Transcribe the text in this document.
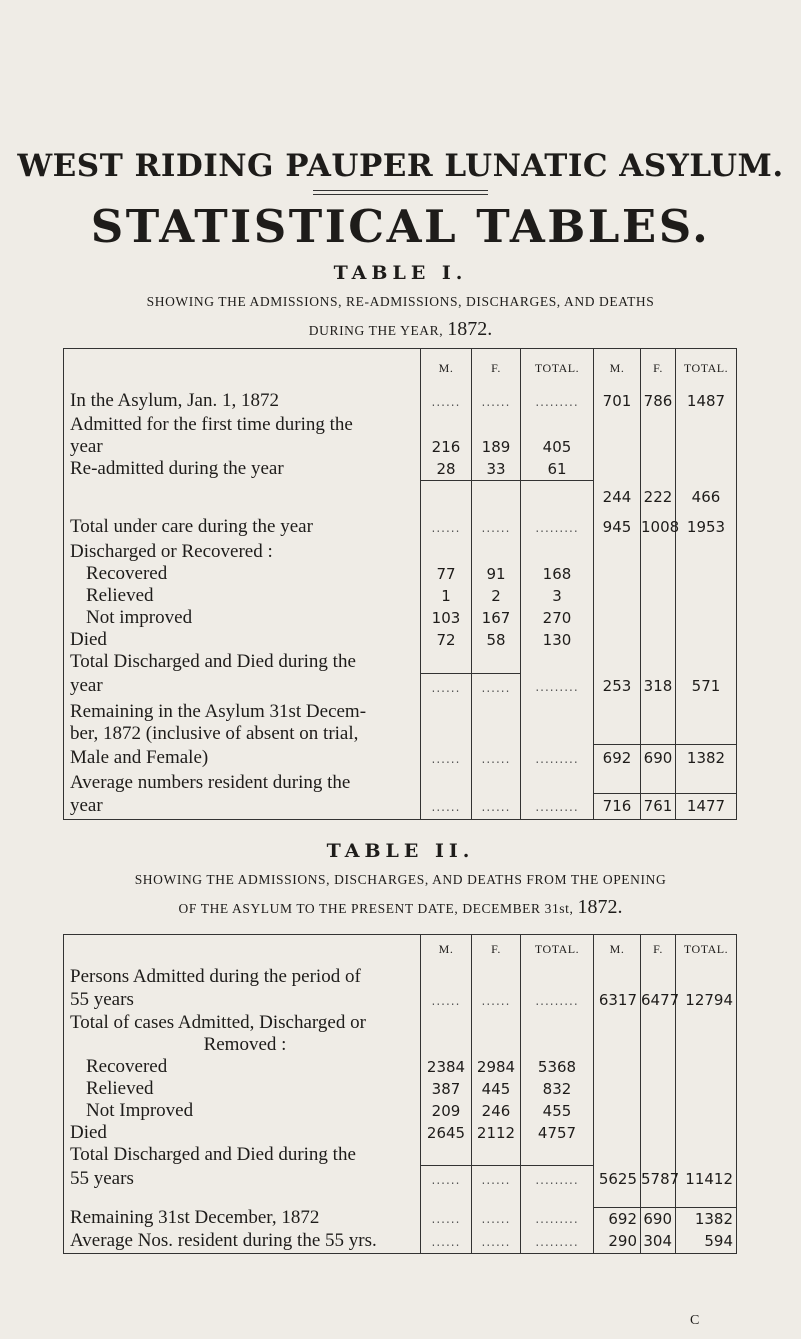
WEST RIDING PAUPER LUNATIC ASYLUM.
STATISTICAL TABLES.
TABLE I.
SHOWING THE ADMISSIONS, RE-ADMISSIONS, DISCHARGES, AND DEATHS
DURING THE YEAR, 1872.
	M.	F.	TOTAL.	M.	F.	TOTAL.
In the Asylum, Jan. 1, 1872	......	......	.........	701	786	1487
Admitted for the first time during the						
year	216	189	405			
Re-admitted during the year	28	33	61			
				244	222	466
Total under care during the year	......	......	.........	945	1008	1953
Discharged or Recovered :						
Recovered	77	91	168			
Relieved	1	2	3			
Not improved	103	167	270			
Died	72	58	130			
Total Discharged and Died during the						
year	......	......	.........	253	318	571
Remaining in the Asylum 31st Decem-						
ber, 1872 (inclusive of absent on trial,						
Male and Female)	......	......	.........	692	690	1382
Average numbers resident during the						
year	......	......	.........	716	761	1477
TABLE II.
SHOWING THE ADMISSIONS, DISCHARGES, AND DEATHS FROM THE OPENING
OF THE ASYLUM TO THE PRESENT DATE, DECEMBER 31st, 1872.
	M.	F.	TOTAL.	M.	F.	TOTAL.
Persons Admitted during the period of						
55 years	......	......	.........	6317	6477	12794
Total of cases Admitted, Discharged or						
Removed :						
Recovered	2384	2984	5368			
Relieved	387	445	832			
Not Improved	209	246	455			
Died	2645	2112	4757			
Total Discharged and Died during the						
55 years	......	......	.........	5625	5787	11412

Remaining 31st December, 1872	......	......	.........	692	690	1382
Average Nos. resident during the 55 yrs.	......	......	.........	290	304	594
C
